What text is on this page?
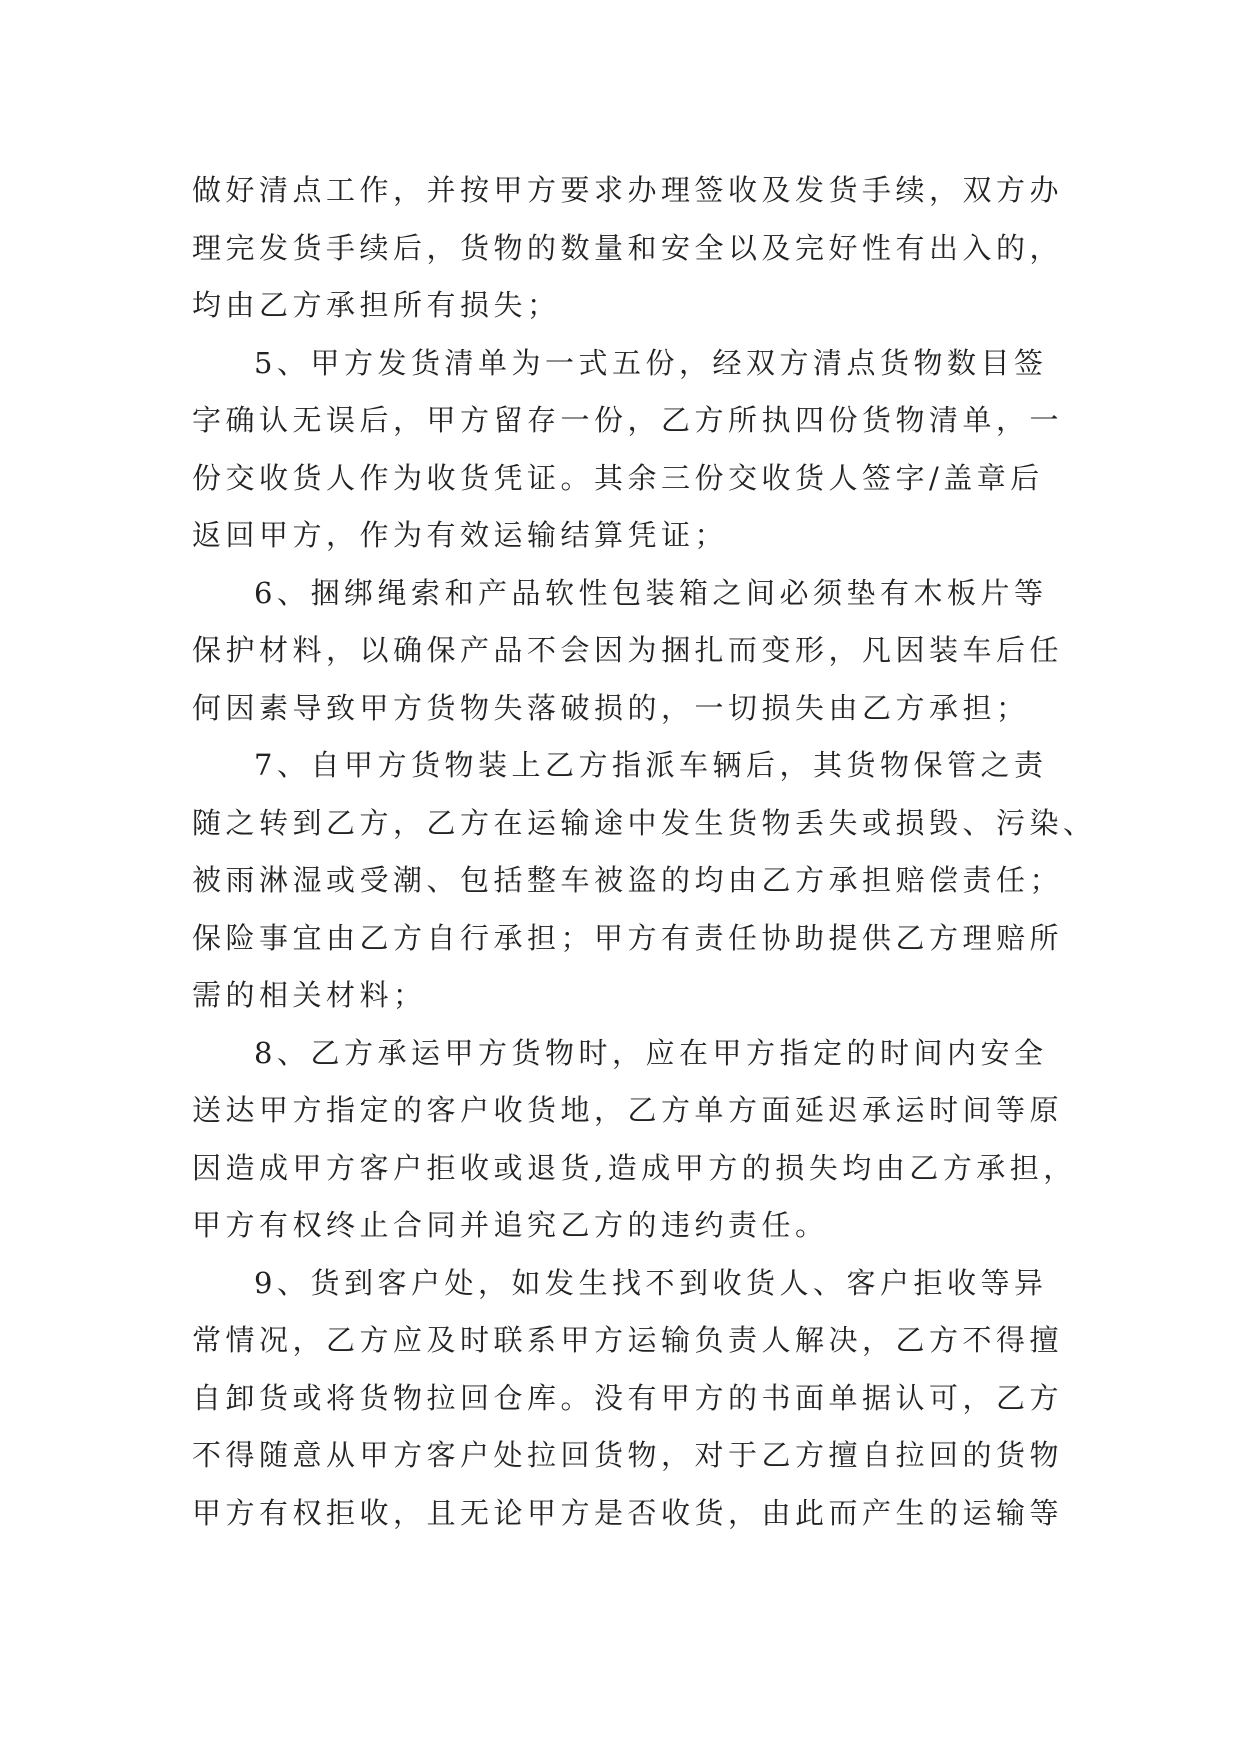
做好清点工作，并按甲方要求办理签收及发货手续，双方办
理完发货手续后，货物的数量和安全以及完好性有出入的，
均由乙方承担所有损失；
5、甲方发货清单为一式五份，经双方清点货物数目签
字确认无误后，甲方留存一份，乙方所执四份货物清单，一
份交收货人作为收货凭证。其余三份交收货人签字/盖章后
返回甲方，作为有效运输结算凭证；
6、捆绑绳索和产品软性包装箱之间必须垫有木板片等
保护材料，以确保产品不会因为捆扎而变形，凡因装车后任
何因素导致甲方货物失落破损的，一切损失由乙方承担；
7、自甲方货物装上乙方指派车辆后，其货物保管之责
随之转到乙方，乙方在运输途中发生货物丢失或损毁、污染、
被雨淋湿或受潮、包括整车被盗的均由乙方承担赔偿责任；
保险事宜由乙方自行承担；甲方有责任协助提供乙方理赔所
需的相关材料；
8、乙方承运甲方货物时，应在甲方指定的时间内安全
送达甲方指定的客户收货地，乙方单方面延迟承运时间等原
因造成甲方客户拒收或退货,造成甲方的损失均由乙方承担，
甲方有权终止合同并追究乙方的违约责任。
9、货到客户处，如发生找不到收货人、客户拒收等异
常情况，乙方应及时联系甲方运输负责人解决，乙方不得擅
自卸货或将货物拉回仓库。没有甲方的书面单据认可，乙方
不得随意从甲方客户处拉回货物，对于乙方擅自拉回的货物
甲方有权拒收，且无论甲方是否收货，由此而产生的运输等
